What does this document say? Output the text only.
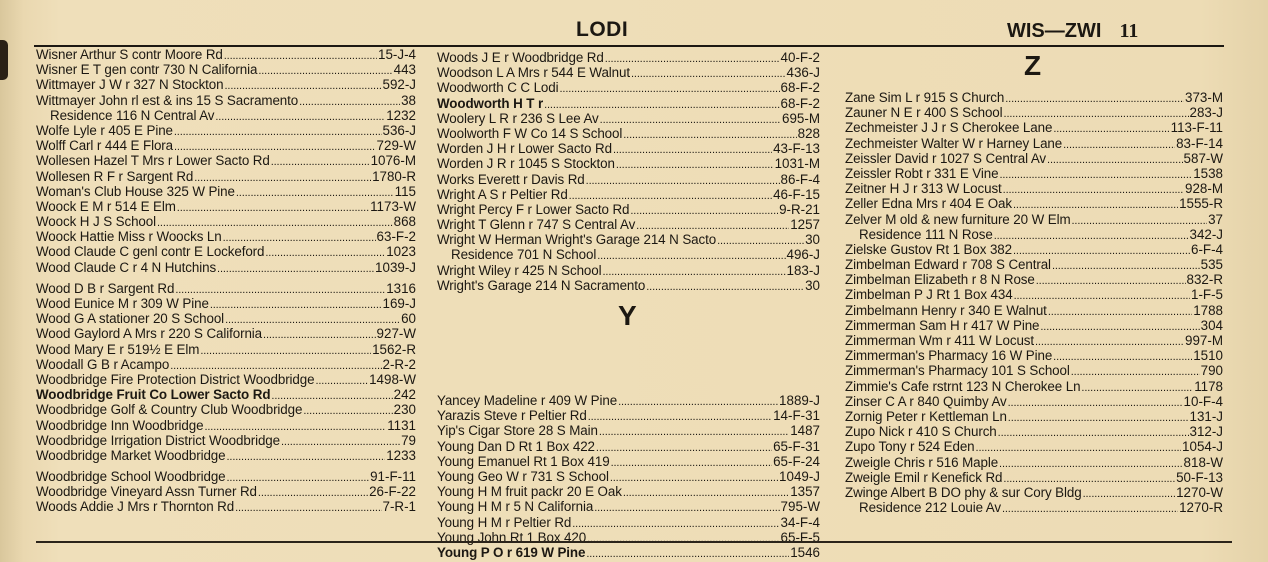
LODI	WIS—ZWI 11
Wisner Arthur S contr Moore Rd . . .	15-J-4
Wisner E T gen contr 730 N California . . .	443
Wittmayer J W r 327 N Stockton . . .	592-J
Wittmayer John rl est & ins 15 S Sacramento . . .	38
Residence 116 N Central Av . . .	1232
Wolfe Lyle r 405 E Pine . . .	536-J
Wolff Carl r 444 E Flora . . .	729-W
Wollesen Hazel T Mrs r Lower Sacto Rd . . .	1076-M
Wollesen R F r Sargent Rd . . .	1780-R
Woman's Club House 325 W Pine . . .	115
Woock E M r 514 E Elm . . .	1173-W
Woock H J S School . . .	868
Woock Hattie Miss r Woocks Ln . . .	63-F-2
Wood Claude C genl contr E Lockeford . . .	1023
Wood Claude C r 4 N Hutchins . . .	1039-J
Wood D B r Sargent Rd . . .	1316
Wood Eunice M r 309 W Pine . . .	169-J
Wood G A stationer 20 S School . . .	60
Wood Gaylord A Mrs r 220 S California . . .	927-W
Wood Mary E r 519½ E Elm . . .	1562-R
Woodall G B r Acampo . . .	2-R-2
Woodbridge Fire Protection District Woodbridge . . .	1498-W
Woodbridge Fruit Co Lower Sacto Rd . . .	242
Woodbridge Golf & Country Club Woodbridge . . .	230
Woodbridge Inn Woodbridge . . .	1131
Woodbridge Irrigation District Woodbridge . . .	79
Woodbridge Market Woodbridge . . .	1233
Woodbridge School Woodbridge . . .	91-F-11
Woodbridge Vineyard Assn Turner Rd . . .	26-F-22
Woods Addie J Mrs r Thornton Rd . . .	7-R-1
Woods J E r Woodbridge Rd . . .	40-F-2
Woodson L A Mrs r 544 E Walnut . . .	436-J
Woodworth C C Lodi . . .	68-F-2
Woodworth H T r . . .	68-F-2
Woolery L R r 236 S Lee Av . . .	695-M
Woolworth F W Co 14 S School . . .	828
Worden J H r Lower Sacto Rd . . .	43-F-13
Worden J R r 1045 S Stockton . . .	1031-M
Works Everett r Davis Rd . . .	86-F-4
Wright A S r Peltier Rd . . .	46-F-15
Wright Percy F r Lower Sacto Rd . . .	9-R-21
Wright T Glenn r 747 S Central Av . . .	1257
Wright W Herman Wright's Garage 214 N Sacto . . .	30
Residence 701 N School . . .	496-J
Wright Wiley r 425 N School . . .	183-J
Wright's Garage 214 N Sacramento . . .	30
Yancey Madeline r 409 W Pine . . .	1889-J
Yarazis Steve r Peltier Rd . . .	14-F-31
Yip's Cigar Store 28 S Main . . .	1487
Young Dan D Rt 1 Box 422 . . .	65-F-31
Young Emanuel Rt 1 Box 419 . . .	65-F-24
Young Geo W r 731 S School . . .	1049-J
Young H M fruit packr 20 E Oak . . .	1357
Young H M r 5 N California . . .	795-W
Young H M r Peltier Rd . . .	34-F-4
Young John Rt 1 Box 420 . . .	65-F-5
Young P O r 619 W Pine . . .	1546
Y
Z
Zane Sim L r 915 S Church . . .	373-M
Zauner N E r 400 S School . . .	283-J
Zechmeister J J r S Cherokee Lane . . .	113-F-11
Zechmeister Walter W r Harney Lane . . .	83-F-14
Zeissler David r 1027 S Central Av . . .	587-W
Zeissler Robt r 331 E Vine . . .	1538
Zeitner H J r 313 W Locust . . .	928-M
Zeller Edna Mrs r 404 E Oak . . .	1555-R
Zelver M old & new furniture 20 W Elm . . .	37
Residence 111 N Rose . . .	342-J
Zielske Gustov Rt 1 Box 382 . . .	6-F-4
Zimbelman Edward r 708 S Central . . .	535
Zimbelman Elizabeth r 8 N Rose . . .	832-R
Zimbelman P J Rt 1 Box 434 . . .	1-F-5
Zimbelmann Henry r 340 E Walnut . . .	1788
Zimmerman Sam H r 417 W Pine . . .	304
Zimmerman Wm r 411 W Locust . . .	997-M
Zimmerman's Pharmacy 16 W Pine . . .	1510
Zimmerman's Pharmacy 101 S School . . .	790
Zimmie's Cafe rstrnt 123 N Cherokee Ln . . .	1178
Zinser C A r 840 Quimby Av . . .	10-F-4
Zornig Peter r Kettleman Ln . . .	131-J
Zupo Nick r 410 S Church . . .	312-J
Zupo Tony r 524 Eden . . .	1054-J
Zweigle Chris r 516 Maple . . .	818-W
Zweigle Emil r Kenefick Rd . . .	50-F-13
Zwinge Albert B DO phy & sur Cory Bldg . . .	1270-W
Residence 212 Louie Av . . .	1270-R
